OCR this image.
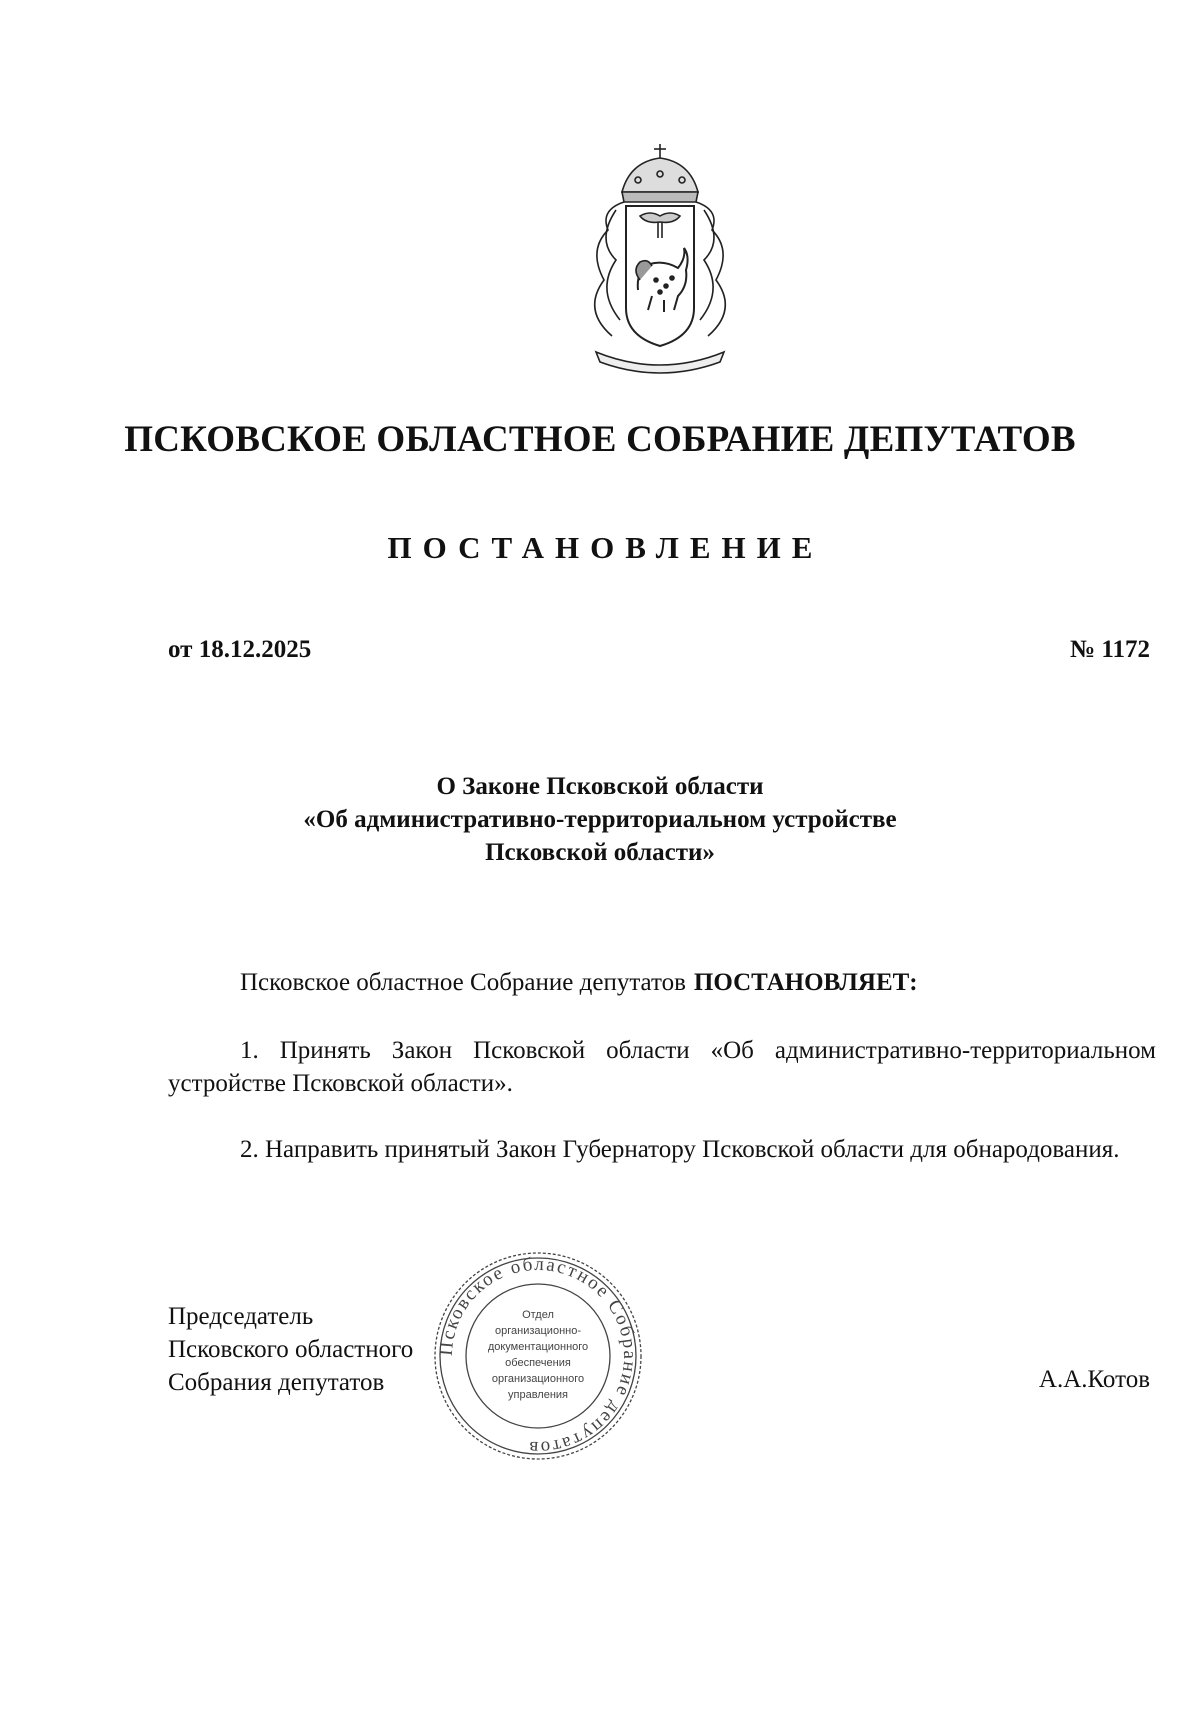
ПСКОВСКОЕ ОБЛАСТНОЕ СОБРАНИЕ ДЕПУТАТОВ
ПОСТАНОВЛЕНИЕ
от 18.12.2025	№ 1172
О Законе Псковской области
«Об административно-территориальном устройстве
Псковской области»
Псковское областное Собрание депутатов ПОСТАНОВЛЯЕТ:
1. Принять Закон Псковской области «Об административно-территориальном устройстве Псковской области».
2. Направить принятый Закон Губернатору Псковской области для обнародования.
Председатель
Псковского областного
Собрания депутатов	А.А.Котов
Псковское областное Собрание депутатов
Отдел
организационно-
документационного
обеспечения
организационного
управления
